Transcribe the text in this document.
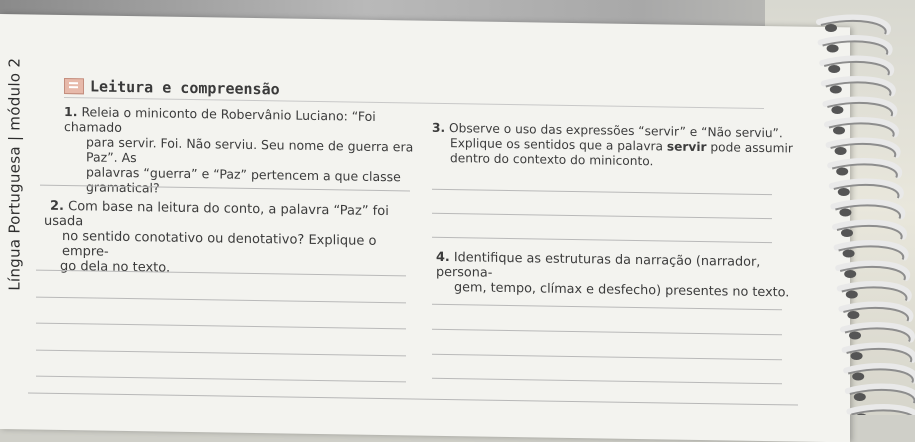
Língua Portuguesa | módulo 2	Leitura e compreensão
1. Releia o miniconto de Robervânio Luciano: “Foi chamado
para servir. Foi. Não serviu. Seu nome de guerra era Paz”. As
palavras “guerra” e “Paz” pertencem a que classe gramatical?
2. Com base na leitura do conto, a palavra “Paz” foi usada
no sentido conotativo ou denotativo? Explique o empre-
go dela no texto.
3. Observe o uso das expressões “servir” e “Não serviu”.
Explique os sentidos que a palavra servir pode assumir
dentro do contexto do miniconto.
4. Identifique as estruturas da narração (narrador, persona-
gem, tempo, clímax e desfecho) presentes no texto.
